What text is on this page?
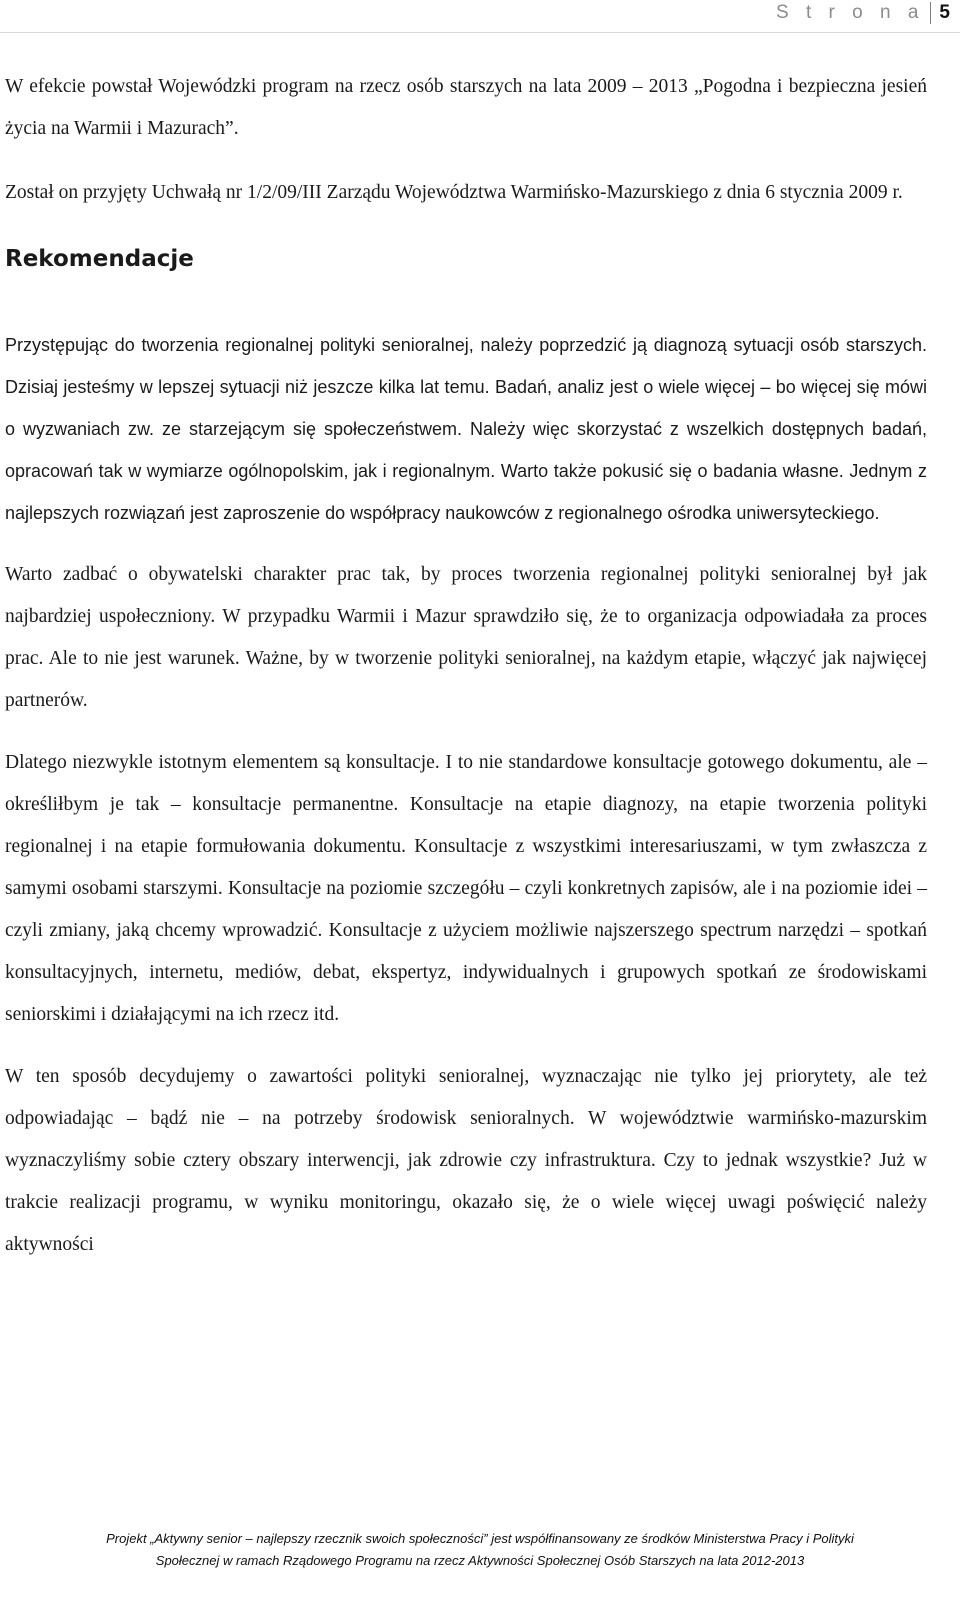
S t r o n a 5

W efekcie powstał Wojewódzki program na rzecz osób starszych na lata 2009 – 2013 „Pogodna i bezpieczna jesień życia na Warmii i Mazurach”.

Został on przyjęty Uchwałą nr 1/2/09/III Zarządu Województwa Warmińsko-Mazurskiego z dnia 6 stycznia 2009 r.

Rekomendacje

Przystępując do tworzenia regionalnej polityki senioralnej, należy poprzedzić ją diagnozą sytuacji osób starszych. Dzisiaj jesteśmy w lepszej sytuacji niż jeszcze kilka lat temu. Badań, analiz jest o wiele więcej – bo więcej się mówi o wyzwaniach zw. ze starzejącym się społeczeństwem. Należy więc skorzystać z wszelkich dostępnych badań, opracowań tak w wymiarze ogólnopolskim, jak i regionalnym. Warto także pokusić się o badania własne. Jednym z najlepszych rozwiązań jest zaproszenie do współpracy naukowców z regionalnego ośrodka uniwersyteckiego.

Warto zadbać o obywatelski charakter prac tak, by proces tworzenia regionalnej polityki senioralnej był jak najbardziej uspołeczniony. W przypadku Warmii i Mazur sprawdziło się, że to organizacja odpowiadała za proces prac. Ale to nie jest warunek. Ważne, by w tworzenie polityki senioralnej, na każdym etapie, włączyć jak najwięcej partnerów.

Dlatego niezwykle istotnym elementem są konsultacje. I to nie standardowe konsultacje gotowego dokumentu, ale – określiłbym je tak – konsultacje permanentne. Konsultacje na etapie diagnozy, na etapie tworzenia polityki regionalnej i na etapie formułowania dokumentu. Konsultacje z wszystkimi interesariuszami, w tym zwłaszcza z samymi osobami starszymi. Konsultacje na poziomie szczegółu – czyli konkretnych zapisów, ale i na poziomie idei – czyli zmiany, jaką chcemy wprowadzić. Konsultacje z użyciem możliwie najszerszego spectrum narzędzi – spotkań konsultacyjnych, internetu, mediów, debat, ekspertyz, indywidualnych i grupowych spotkań ze środowiskami seniorskimi i działającymi na ich rzecz itd.

W ten sposób decydujemy o zawartości polityki senioralnej, wyznaczając nie tylko jej priorytety, ale też odpowiadając – bądź nie – na potrzeby środowisk senioralnych. W województwie warmińsko-mazurskim wyznaczyliśmy sobie cztery obszary interwencji, jak zdrowie czy infrastruktura. Czy to jednak wszystkie? Już w trakcie realizacji programu, w wyniku monitoringu, okazało się, że o wiele więcej uwagi poświęcić należy aktywności

Projekt „Aktywny senior – najlepszy rzecznik swoich społeczności” jest współfinansowany ze środków Ministerstwa Pracy i Polityki
Społecznej w ramach Rządowego Programu na rzecz Aktywności Społecznej Osób Starszych na lata 2012-2013
